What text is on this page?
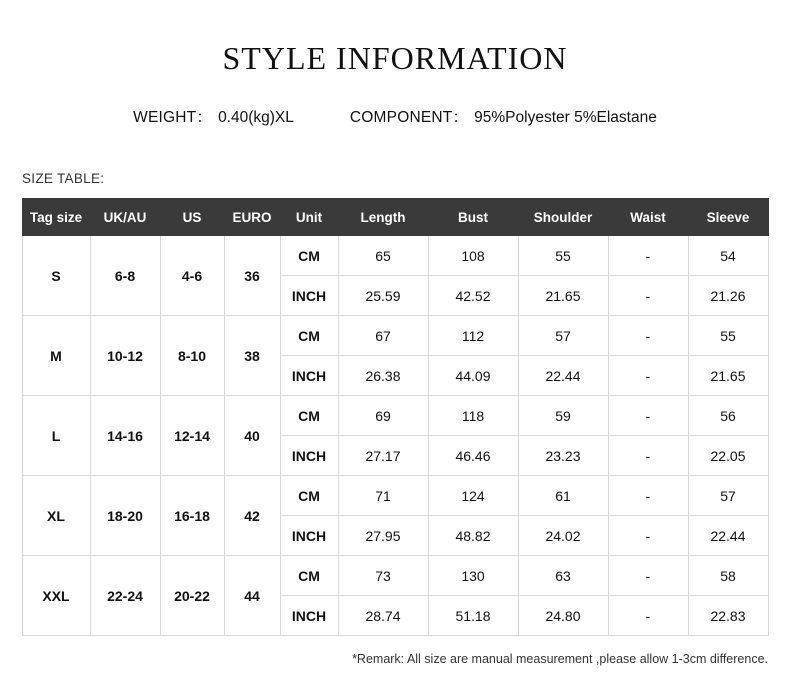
STYLE INFORMATION
WEIGHT： 0.40(kg)XL	COMPONENT： 95%Polyester 5%Elastane
SIZE TABLE:
Tag size	UK/AU	US	EURO	Unit	Length	Bust	Shoulder	Waist	Sleeve
S	6-8	4-6	36	CM	65	108	55	-	54
				INCH	25.59	42.52	21.65	-	21.26
M	10-12	8-10	38	CM	67	112	57	-	55
				INCH	26.38	44.09	22.44	-	21.65
L	14-16	12-14	40	CM	69	118	59	-	56
				INCH	27.17	46.46	23.23	-	22.05
XL	18-20	16-18	42	CM	71	124	61	-	57
				INCH	27.95	48.82	24.02	-	22.44
XXL	22-24	20-22	44	CM	73	130	63	-	58
				INCH	28.74	51.18	24.80	-	22.83
*Remark: All size are manual measurement ,please allow 1-3cm difference.
